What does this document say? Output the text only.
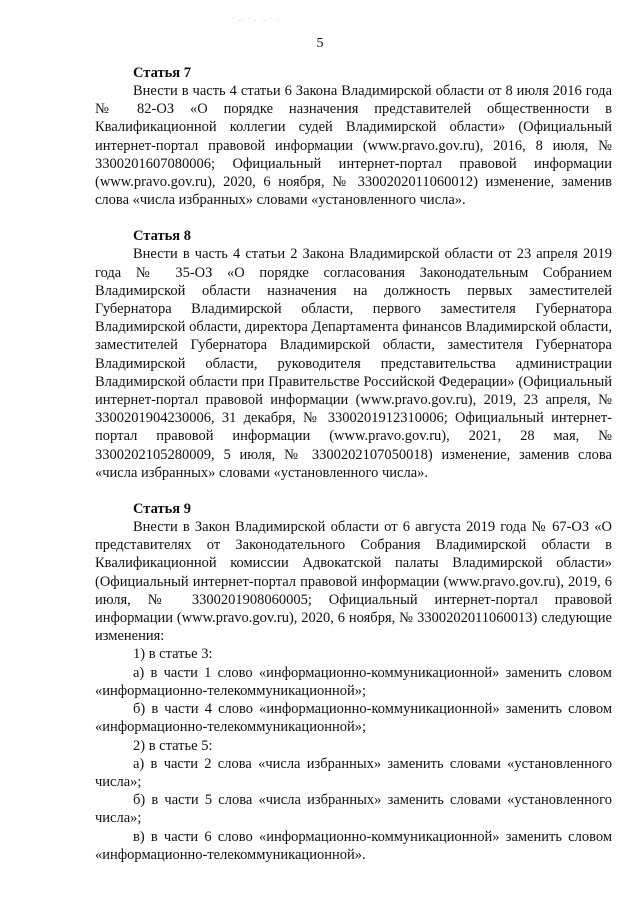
· .. · . ·. · .
5

Статья 7

Внести в часть 4 статьи 6 Закона Владимирской области от 8 июля 2016 года № 82-ОЗ «О порядке назначения представителей общественности в Квалификационной коллегии судей Владимирской области» (Официальный интернет-портал правовой информации (www.pravo.gov.ru), 2016, 8 июля, № 3300201607080006; Официальный интернет-портал правовой информации (www.pravo.gov.ru), 2020, 6 ноября, № 3300202011060012) изменение, заменив слова «числа избранных» словами «установленного числа».

Статья 8

Внести в часть 4 статьи 2 Закона Владимирской области от 23 апреля 2019 года № 35-ОЗ «О порядке согласования Законодательным Собранием Владимирской области назначения на должность первых заместителей Губернатора Владимирской области, первого заместителя Губернатора Владимирской области, директора Департамента финансов Владимирской области, заместителей Губернатора Владимирской области, заместителя Губернатора Владимирской области, руководителя представительства администрации Владимирской области при Правительстве Российской Федерации» (Официальный интернет-портал правовой информации (www.pravo.gov.ru), 2019, 23 апреля, № 3300201904230006, 31 декабря, № 3300201912310006; Официальный интернет-портал правовой информации (www.pravo.gov.ru), 2021, 28 мая, № 3300202105280009, 5 июля, № 3300202107050018) изменение, заменив слова «числа избранных» словами «установленного числа».

Статья 9

Внести в Закон Владимирской области от 6 августа 2019 года № 67-ОЗ «О представителях от Законодательного Собрания Владимирской области в Квалификационной комиссии Адвокатской палаты Владимирской области» (Официальный интернет-портал правовой информации (www.pravo.gov.ru), 2019, 6 июля, № 3300201908060005; Официальный интернет-портал правовой информации (www.pravo.gov.ru), 2020, 6 ноября, № 3300202011060013) следующие изменения:

1) в статье 3:

а) в части 1 слово «информационно-коммуникационной» заменить словом «информационно-телекоммуникационной»;

б) в части 4 слово «информационно-коммуникационной» заменить словом «информационно-телекоммуникационной»;

2) в статье 5:

а) в части 2 слова «числа избранных» заменить словами «установленного числа»;

б) в части 5 слова «числа избранных» заменить словами «установленного числа»;

в) в части 6 слово «информационно-коммуникационной» заменить словом «информационно-телекоммуникационной».
